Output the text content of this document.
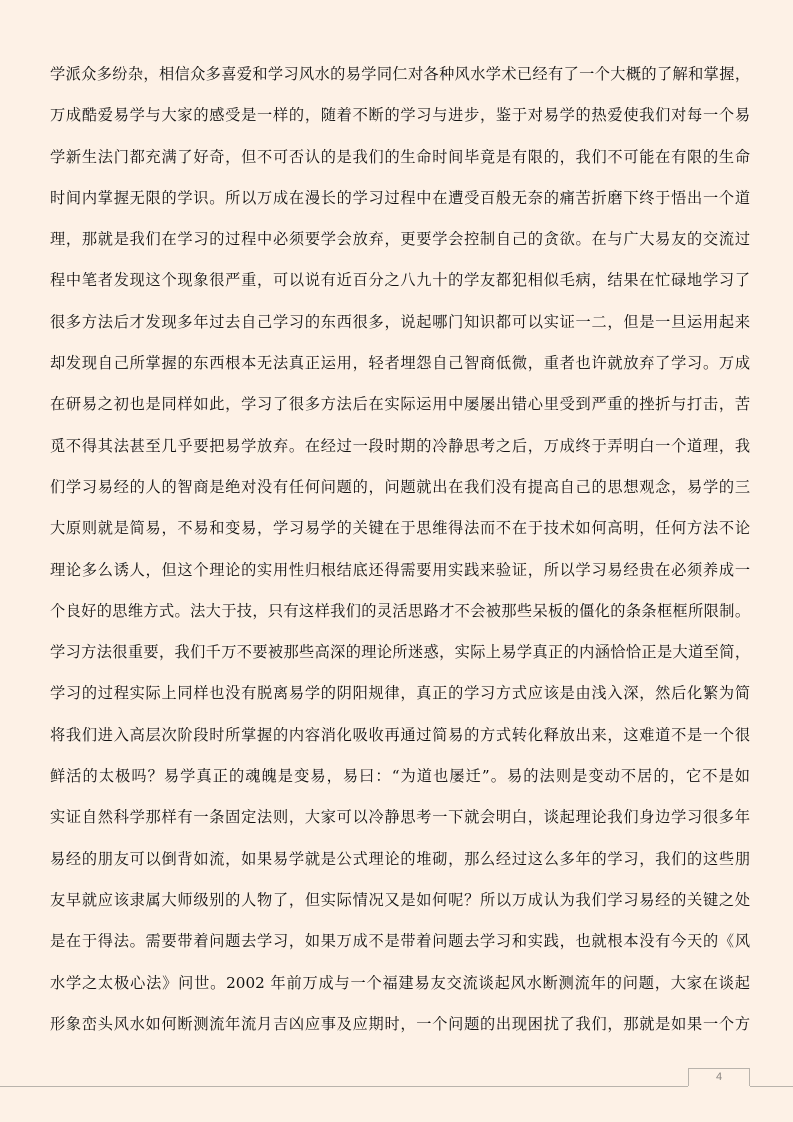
学派众多纷杂，相信众多喜爱和学习风水的易学同仁对各种风水学术已经有了一个大概的了解和掌握，
万成酷爱易学与大家的感受是一样的，随着不断的学习与进步，鉴于对易学的热爱使我们对每一个易
学新生法门都充满了好奇，但不可否认的是我们的生命时间毕竟是有限的，我们不可能在有限的生命
时间内掌握无限的学识。所以万成在漫长的学习过程中在遭受百般无奈的痛苦折磨下终于悟出一个道
理，那就是我们在学习的过程中必须要学会放弃，更要学会控制自己的贪欲。在与广大易友的交流过
程中笔者发现这个现象很严重，可以说有近百分之八九十的学友都犯相似毛病，结果在忙碌地学习了
很多方法后才发现多年过去自己学习的东西很多，说起哪门知识都可以实证一二，但是一旦运用起来
却发现自己所掌握的东西根本无法真正运用，轻者埋怨自己智商低微，重者也许就放弃了学习。万成
在研易之初也是同样如此，学习了很多方法后在实际运用中屡屡出错心里受到严重的挫折与打击，苦
觅不得其法甚至几乎要把易学放弃。在经过一段时期的冷静思考之后，万成终于弄明白一个道理，我
们学习易经的人的智商是绝对没有任何问题的，问题就出在我们没有提高自己的思想观念，易学的三
大原则就是简易，不易和变易，学习易学的关键在于思维得法而不在于技术如何高明，任何方法不论
理论多么诱人，但这个理论的实用性归根结底还得需要用实践来验证，所以学习易经贵在必须养成一
个良好的思维方式。法大于技，只有这样我们的灵活思路才不会被那些呆板的僵化的条条框框所限制。
学习方法很重要，我们千万不要被那些高深的理论所迷惑，实际上易学真正的内涵恰恰正是大道至简，
学习的过程实际上同样也没有脱离易学的阴阳规律，真正的学习方式应该是由浅入深，然后化繁为简
将我们进入高层次阶段时所掌握的内容消化吸收再通过简易的方式转化释放出来，这难道不是一个很
鲜活的太极吗？易学真正的魂魄是变易，易曰：“为道也屡迁”。易的法则是变动不居的，它不是如
实证自然科学那样有一条固定法则，大家可以冷静思考一下就会明白，谈起理论我们身边学习很多年
易经的朋友可以倒背如流，如果易学就是公式理论的堆砌，那么经过这么多年的学习，我们的这些朋
友早就应该隶属大师级别的人物了，但实际情况又是如何呢？所以万成认为我们学习易经的关键之处
是在于得法。需要带着问题去学习，如果万成不是带着问题去学习和实践，也就根本没有今天的《风
水学之太极心法》问世。2002 年前万成与一个福建易友交流谈起风水断测流年的问题，大家在谈起
形象峦头风水如何断测流年流月吉凶应事及应期时，一个问题的出现困扰了我们，那就是如果一个方
4
